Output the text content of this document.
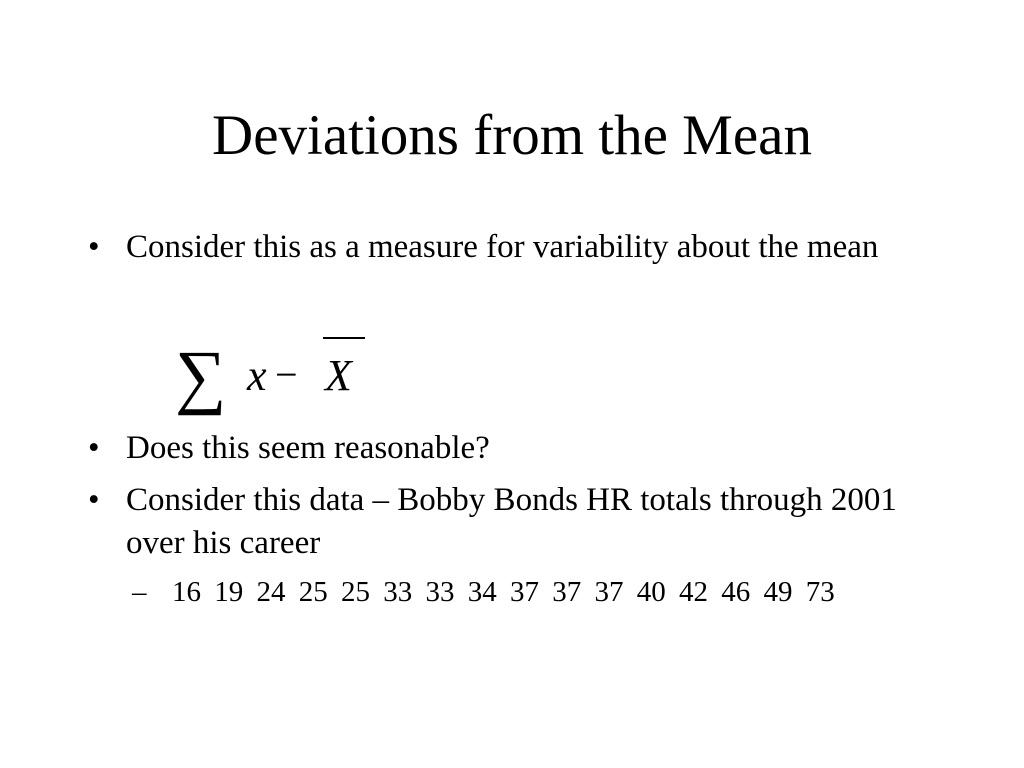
Deviations from the Mean
• Consider this as a measure for variability about the mean
∑ x − X
• Does this seem reasonable?
• Consider this data – Bobby Bonds HR totals through 2001 over his career
– 16 19 24 25 25 33 33 34 37 37 37 40 42 46 49 73
